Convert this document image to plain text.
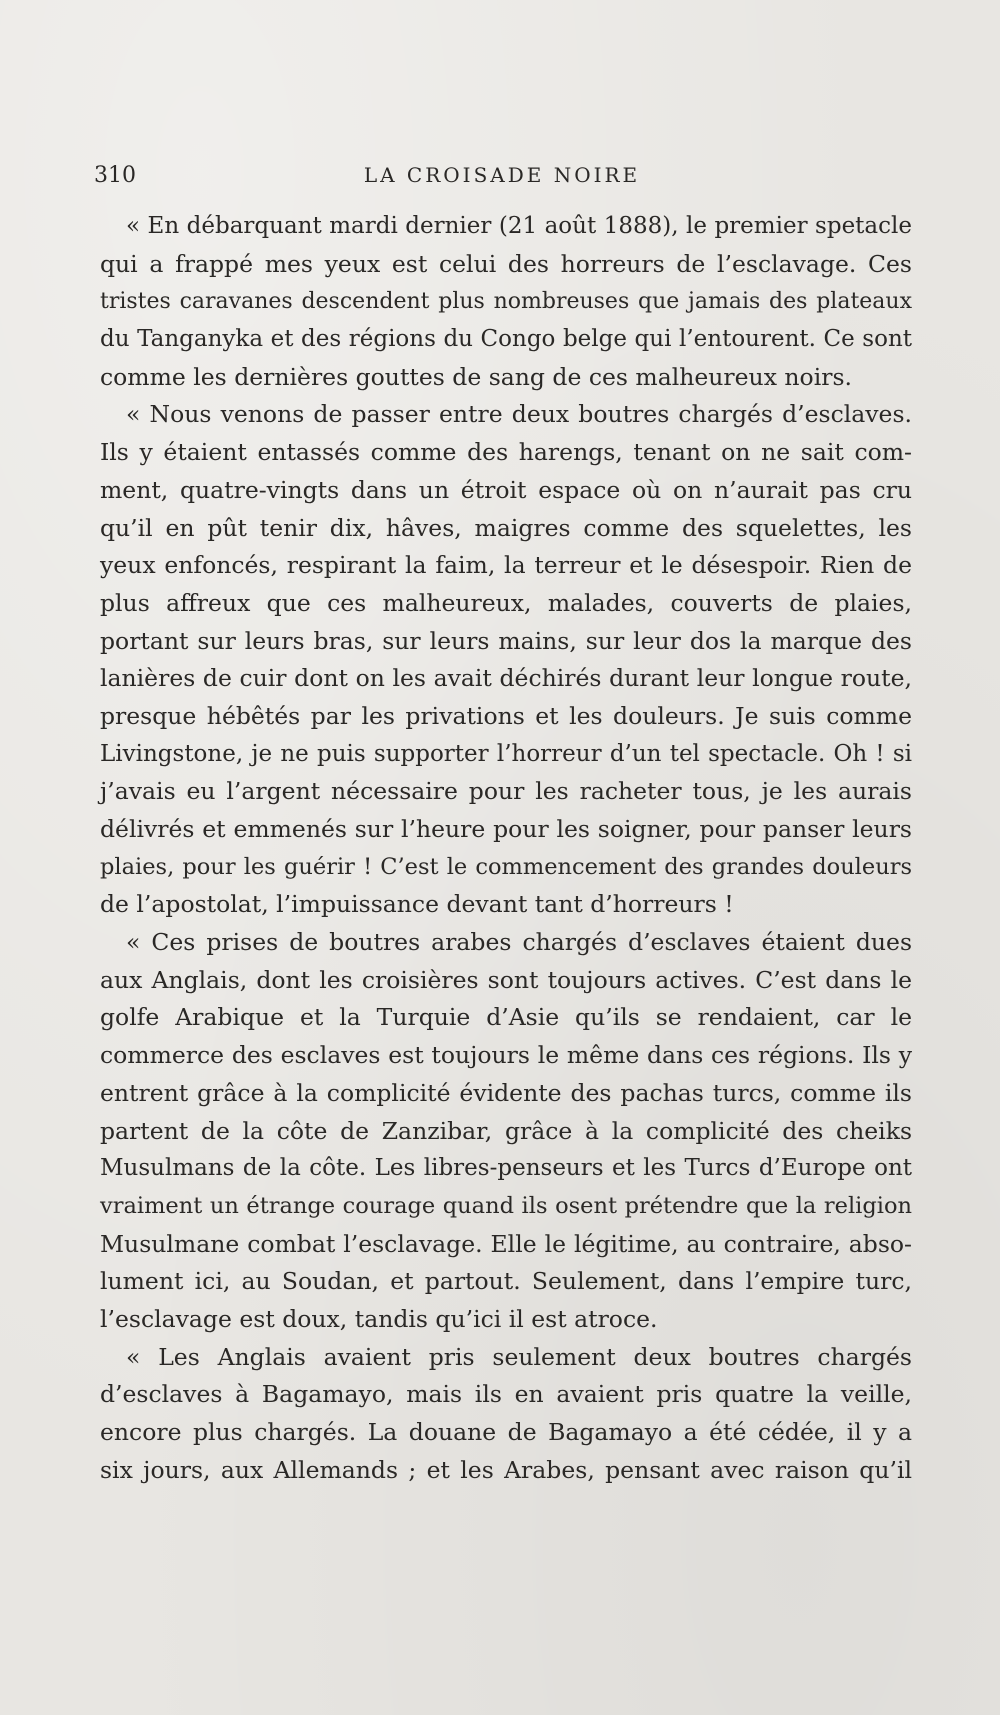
310	LA CROISADE NOIRE
« En débarquant mardi dernier (21 août 1888), le premier spetacle
qui a frappé mes yeux est celui des horreurs de l’esclavage. Ces
tristes caravanes descendent plus nombreuses que jamais des plateaux
du Tanganyka et des régions du Congo belge qui l’entourent. Ce sont
comme les dernières gouttes de sang de ces malheureux noirs.
« Nous venons de passer entre deux boutres chargés d’esclaves.
Ils y étaient entassés comme des harengs, tenant on ne sait com-
ment, quatre-vingts dans un étroit espace où on n’aurait pas cru
qu’il en pût tenir dix, hâves, maigres comme des squelettes, les
yeux enfoncés, respirant la faim, la terreur et le désespoir. Rien de
plus affreux que ces malheureux, malades, couverts de plaies,
portant sur leurs bras, sur leurs mains, sur leur dos la marque des
lanières de cuir dont on les avait déchirés durant leur longue route,
presque hébêtés par les privations et les douleurs. Je suis comme
Livingstone, je ne puis supporter l’horreur d’un tel spectacle. Oh ! si
j’avais eu l’argent nécessaire pour les racheter tous, je les aurais
délivrés et emmenés sur l’heure pour les soigner, pour panser leurs
plaies, pour les guérir ! C’est le commencement des grandes douleurs
de l’apostolat, l’impuissance devant tant d’horreurs !
« Ces prises de boutres arabes chargés d’esclaves étaient dues
aux Anglais, dont les croisières sont toujours actives. C’est dans le
golfe Arabique et la Turquie d’Asie qu’ils se rendaient, car le
commerce des esclaves est toujours le même dans ces régions. Ils y
entrent grâce à la complicité évidente des pachas turcs, comme ils
partent de la côte de Zanzibar, grâce à la complicité des cheiks
Musulmans de la côte. Les libres-penseurs et les Turcs d’Europe ont
vraiment un étrange courage quand ils osent prétendre que la religion
Musulmane combat l’esclavage. Elle le légitime, au contraire, abso-
lument ici, au Soudan, et partout. Seulement, dans l’empire turc,
l’esclavage est doux, tandis qu’ici il est atroce.
« Les Anglais avaient pris seulement deux boutres chargés
d’esclaves à Bagamayo, mais ils en avaient pris quatre la veille,
encore plus chargés. La douane de Bagamayo a été cédée, il y a
six jours, aux Allemands ; et les Arabes, pensant avec raison qu’il
